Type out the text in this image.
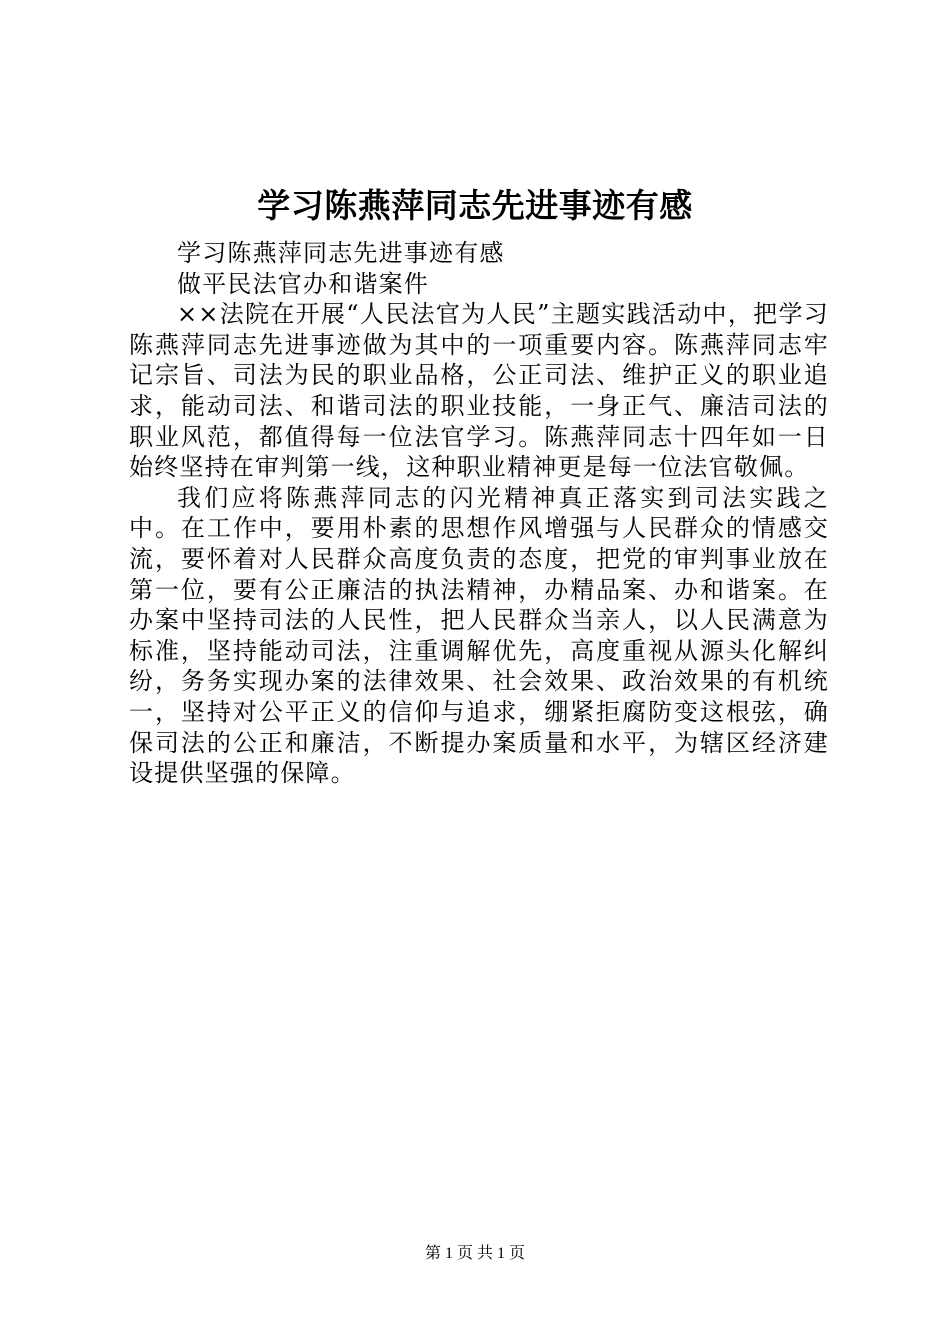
学习陈燕萍同志先进事迹有感

学习陈燕萍同志先进事迹有感

做平民法官办和谐案件

××法院在开展“人民法官为人民”主题实践活动中，把学习陈燕萍同志先进事迹做为其中的一项重要内容。陈燕萍同志牢记宗旨、司法为民的职业品格，公正司法、维护正义的职业追求，能动司法、和谐司法的职业技能，一身正气、廉洁司法的职业风范，都值得每一位法官学习。陈燕萍同志十四年如一日始终坚持在审判第一线，这种职业精神更是每一位法官敬佩。

我们应将陈燕萍同志的闪光精神真正落实到司法实践之中。在工作中，要用朴素的思想作风增强与人民群众的情感交流，要怀着对人民群众高度负责的态度，把党的审判事业放在第一位，要有公正廉洁的执法精神，办精品案、办和谐案。在办案中坚持司法的人民性，把人民群众当亲人，以人民满意为标准，坚持能动司法，注重调解优先，高度重视从源头化解纠纷，务务实现办案的法律效果、社会效果、政治效果的有机统一，坚持对公平正义的信仰与追求，绷紧拒腐防变这根弦，确保司法的公正和廉洁，不断提办案质量和水平，为辖区经济建设提供坚强的保障。

第 1 页 共 1 页
